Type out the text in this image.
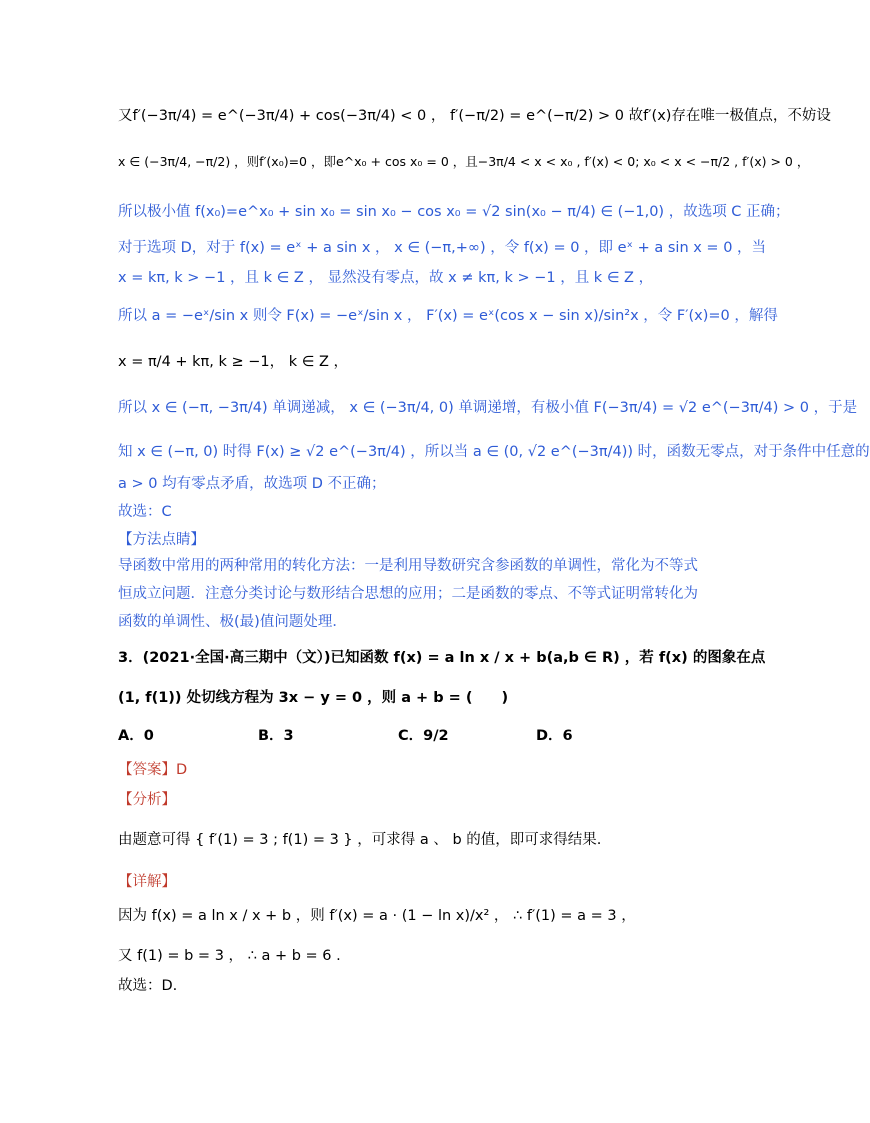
又f′(−3π/4) = e^(−3π/4) + cos(−3π/4) < 0 ， f′(−π/2) = e^(−π/2) > 0 故f′(x)存在唯一极值点，不妨设
x ∈ (−3π/4, −π/2) ，则f′(x₀)=0 ，即e^x₀ + cos x₀ = 0 ，且−3π/4 < x < x₀ , f′(x) < 0; x₀ < x < −π/2 , f′(x) > 0 ，
所以极小值 f(x₀)=e^x₀ + sin x₀ = sin x₀ − cos x₀ = √2 sin(x₀ − π/4) ∈ (−1,0) ，故选项 C 正确；
对于选项 D，对于 f(x) = eˣ + a sin x ， x ∈ (−π,+∞) ，令 f(x) = 0 ，即 eˣ + a sin x = 0 ，当
x = kπ, k > −1 ，且 k ∈ Z ， 显然没有零点，故 x ≠ kπ, k > −1 ，且 k ∈ Z ，
所以 a = −eˣ/sin x 则令 F(x) = −eˣ/sin x ， F′(x) = eˣ(cos x − sin x)/sin²x ，令 F′(x)=0 ，解得
x = π/4 + kπ, k ≥ −1， k ∈ Z ，
所以 x ∈ (−π, −3π/4) 单调递减， x ∈ (−3π/4, 0) 单调递增，有极小值 F(−3π/4) = √2 e^(−3π/4) > 0 ，于是
知 x ∈ (−π, 0) 时得 F(x) ≥ √2 e^(−3π/4) ，所以当 a ∈ (0, √2 e^(−3π/4)) 时，函数无零点，对于条件中任意的
a > 0 均有零点矛盾，故选项 D 不正确；
故选：C
【方法点睛】
导函数中常用的两种常用的转化方法：一是利用导数研究含参函数的单调性，常化为不等式
恒成立问题．注意分类讨论与数形结合思想的应用；二是函数的零点、不等式证明常转化为
函数的单调性、极(最)值问题处理．
3．(2021·全国·高三期中（文）)已知函数 f(x) = a ln x / x + b(a,b ∈ R) ，若 f(x) 的图象在点
(1, f(1)) 处切线方程为 3x − y = 0 ，则 a + b = (　　)
A．0	B．3	C．9/2	D．6
【答案】D
【分析】
由题意可得 { f′(1) = 3 ; f(1) = 3 } ，可求得 a 、 b 的值，即可求得结果.
【详解】
因为 f(x) = a ln x / x + b ，则 f′(x) = a · (1 − ln x)/x² ， ∴ f′(1) = a = 3 ，
又 f(1) = b = 3 ， ∴ a + b = 6 .
故选：D.
